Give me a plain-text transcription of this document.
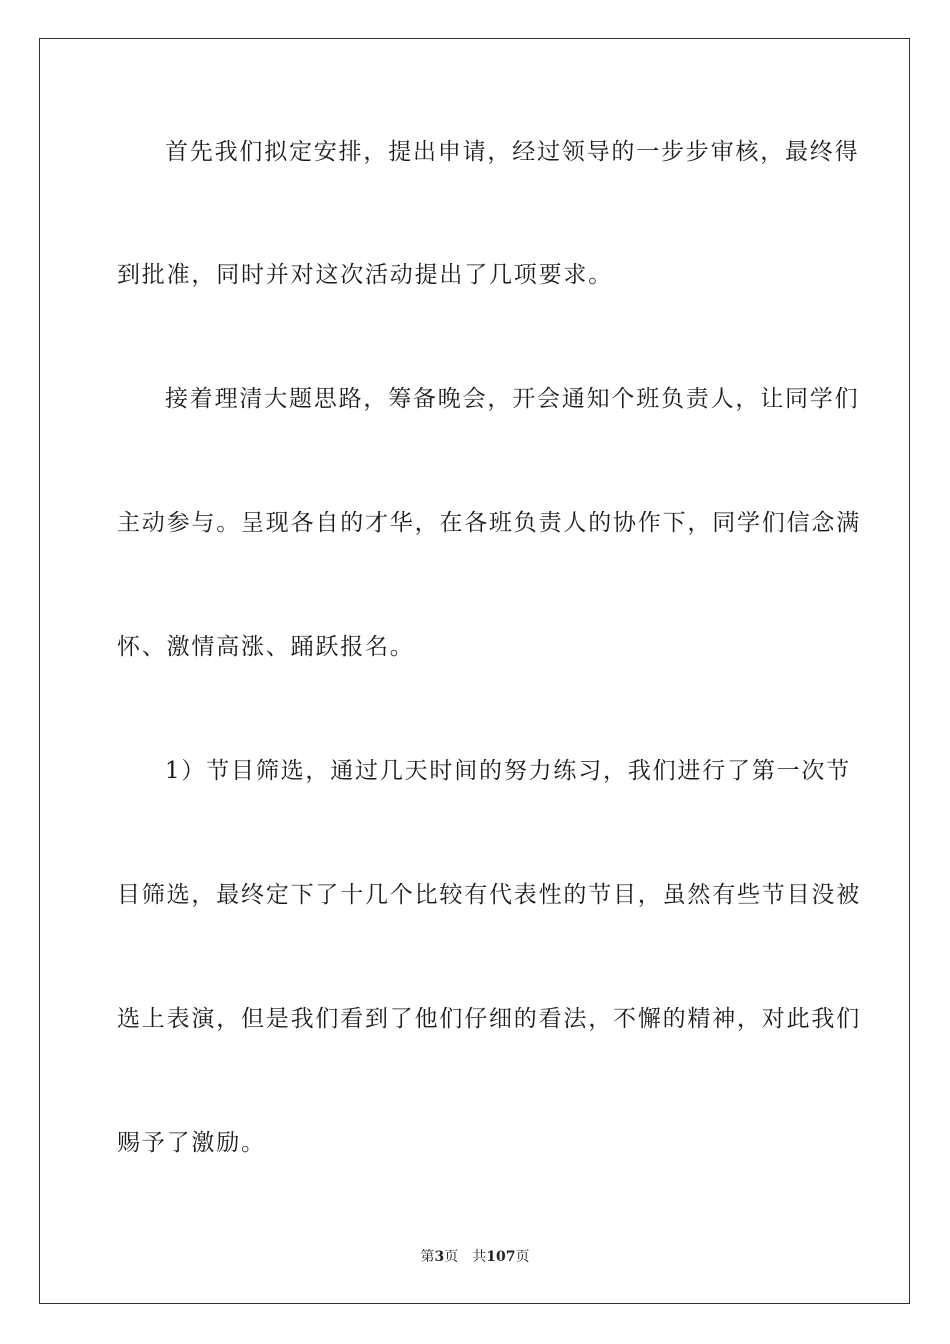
首先我们拟定安排，提出申请，经过领导的一步步审核，最终得
到批准，同时并对这次活动提出了几项要求。
接着理清大题思路，筹备晚会，开会通知个班负责人，让同学们
主动参与。呈现各自的才华，在各班负责人的协作下，同学们信念满
怀、激情高涨、踊跃报名。
1）节目筛选，通过几天时间的努力练习，我们进行了第一次节
目筛选，最终定下了十几个比较有代表性的节目，虽然有些节目没被
选上表演，但是我们看到了他们仔细的看法，不懈的精神，对此我们
赐予了激励。
第3页 共107页
